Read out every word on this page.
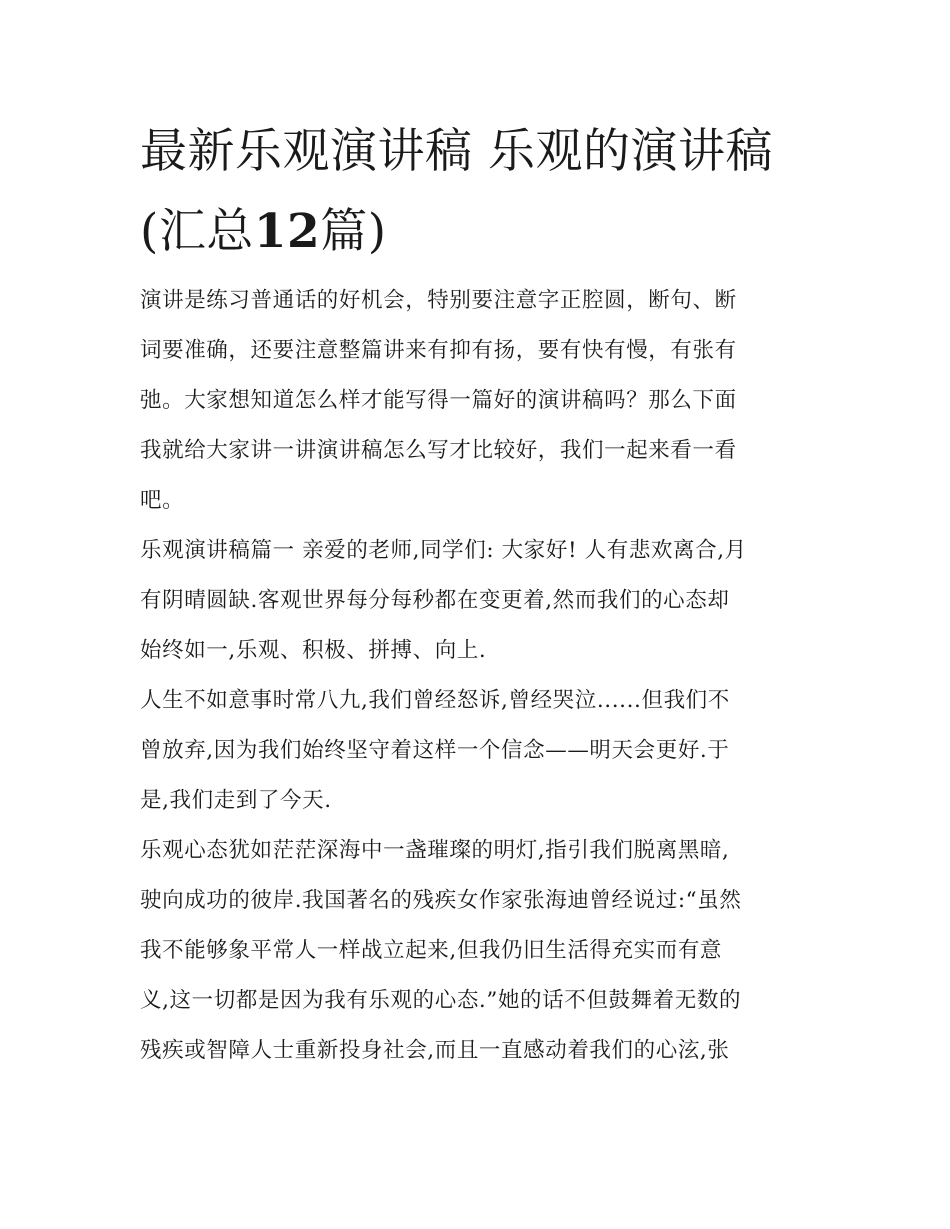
最新乐观演讲稿 乐观的演讲稿
(汇总12篇)

演讲是练习普通话的好机会，特别要注意字正腔圆，断句、断
词要准确，还要注意整篇讲来有抑有扬，要有快有慢，有张有
弛。大家想知道怎么样才能写得一篇好的演讲稿吗？那么下面
我就给大家讲一讲演讲稿怎么写才比较好，我们一起来看一看
吧。

乐观演讲稿篇一 亲爱的老师,同学们: 大家好! 人有悲欢离合,月
有阴晴圆缺.客观世界每分每秒都在变更着,然而我们的心态却
始终如一,乐观、积极、拼搏、向上.

人生不如意事时常八九,我们曾经怒诉,曾经哭泣......但我们不
曾放弃,因为我们始终坚守着这样一个信念——明天会更好.于
是,我们走到了今天.

乐观心态犹如茫茫深海中一盏璀璨的明灯,指引我们脱离黑暗,
驶向成功的彼岸.我国著名的残疾女作家张海迪曾经说过:“虽然
我不能够象平常人一样战立起来,但我仍旧生活得充实而有意
义,这一切都是因为我有乐观的心态.”她的话不但鼓舞着无数的
残疾或智障人士重新投身社会,而且一直感动着我们的心泫,张
